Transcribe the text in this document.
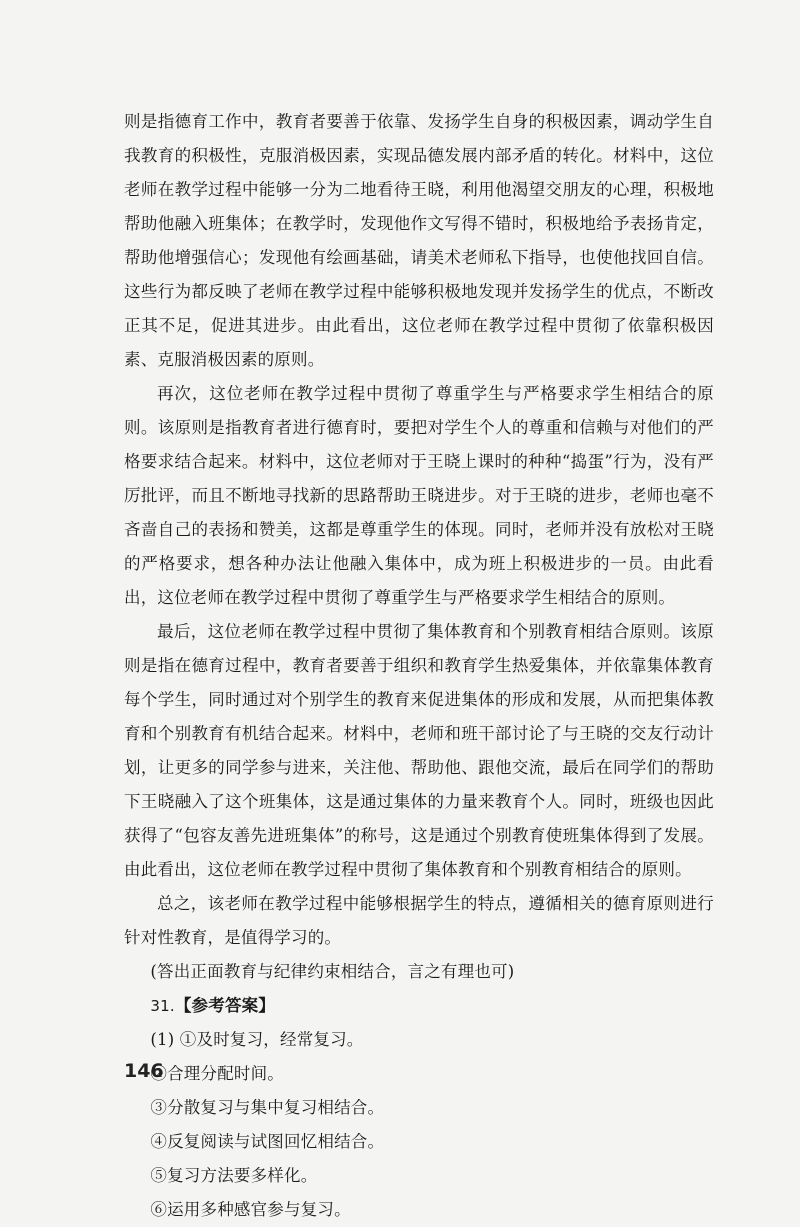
则是指德育工作中，教育者要善于依靠、发扬学生自身的积极因素，调动学生自我教育的积极性，克服消极因素，实现品德发展内部矛盾的转化。材料中，这位老师在教学过程中能够一分为二地看待王晓，利用他渴望交朋友的心理，积极地帮助他融入班集体；在教学时，发现他作文写得不错时，积极地给予表扬肯定，帮助他增强信心；发现他有绘画基础，请美术老师私下指导，也使他找回自信。这些行为都反映了老师在教学过程中能够积极地发现并发扬学生的优点，不断改正其不足，促进其进步。由此看出，这位老师在教学过程中贯彻了依靠积极因素、克服消极因素的原则。

再次，这位老师在教学过程中贯彻了尊重学生与严格要求学生相结合的原则。该原则是指教育者进行德育时，要把对学生个人的尊重和信赖与对他们的严格要求结合起来。材料中，这位老师对于王晓上课时的种种“捣蛋”行为，没有严厉批评，而且不断地寻找新的思路帮助王晓进步。对于王晓的进步，老师也毫不吝啬自己的表扬和赞美，这都是尊重学生的体现。同时，老师并没有放松对王晓的严格要求，想各种办法让他融入集体中，成为班上积极进步的一员。由此看出，这位老师在教学过程中贯彻了尊重学生与严格要求学生相结合的原则。

最后，这位老师在教学过程中贯彻了集体教育和个别教育相结合原则。该原则是指在德育过程中，教育者要善于组织和教育学生热爱集体，并依靠集体教育每个学生，同时通过对个别学生的教育来促进集体的形成和发展，从而把集体教育和个别教育有机结合起来。材料中，老师和班干部讨论了与王晓的交友行动计划，让更多的同学参与进来，关注他、帮助他、跟他交流，最后在同学们的帮助下王晓融入了这个班集体，这是通过集体的力量来教育个人。同时，班级也因此获得了“包容友善先进班集体”的称号，这是通过个别教育使班集体得到了发展。由此看出，这位老师在教学过程中贯彻了集体教育和个别教育相结合的原则。

总之，该老师在教学过程中能够根据学生的特点，遵循相关的德育原则进行针对性教育，是值得学习的。

(答出正面教育与纪律约束相结合，言之有理也可)

31.【参考答案】

(1) ①及时复习，经常复习。
②合理分配时间。
③分散复习与集中复习相结合。
④反复阅读与试图回忆相结合。
⑤复习方法要多样化。
⑥运用多种感官参与复习。
146
